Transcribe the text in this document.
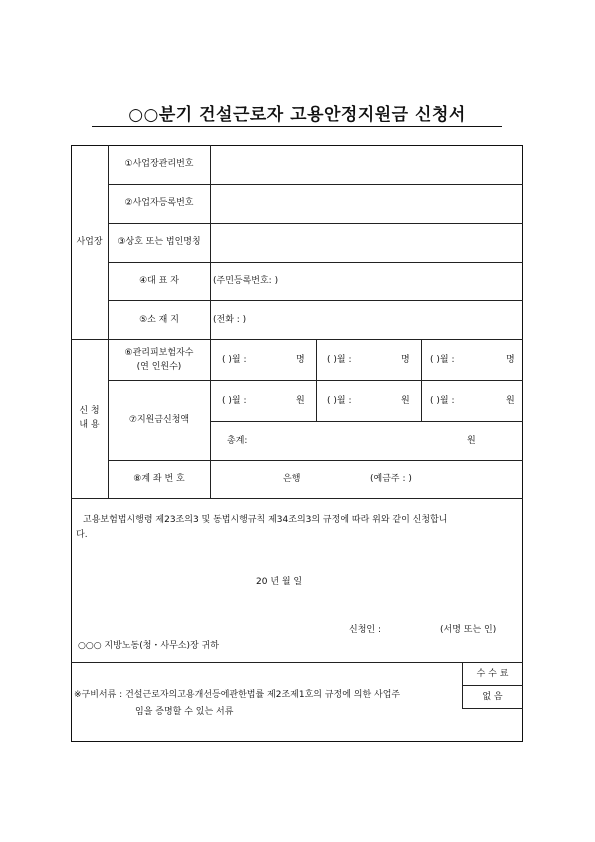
○○분기 건설근로자 고용안정지원금 신청서
사업장
①사업장관리번호
②사업자등록번호
③상호 또는 법인명칭
④대 표 자	(주민등록번호: )
⑤소 재 지	(전화 : )
신 청
내 용
⑥관리피보험자수
(연 인원수)
( )월 :	명 ( )월 :	명 ( )월 :	명
⑦지원금신청액
( )월 :	원 ( )월 :	원 ( )월 :	원
총계:	원
⑧계 좌 번 호	은행	(예금주 : )
고용보험법시행령 제23조의3 및 동법시행규칙 제34조의3의 규정에 따라 위와 같이 신청합니
다.
20 년 월 일
신청인 :	(서명 또는 인)
○○○ 지방노동(청・사무소)장 귀하
※구비서류 : 건설근로자의고용개선등에관한법률 제2조제1호의 규정에 의한 사업주
임을 증명할 수 있는 서류
수 수 료
없 음
